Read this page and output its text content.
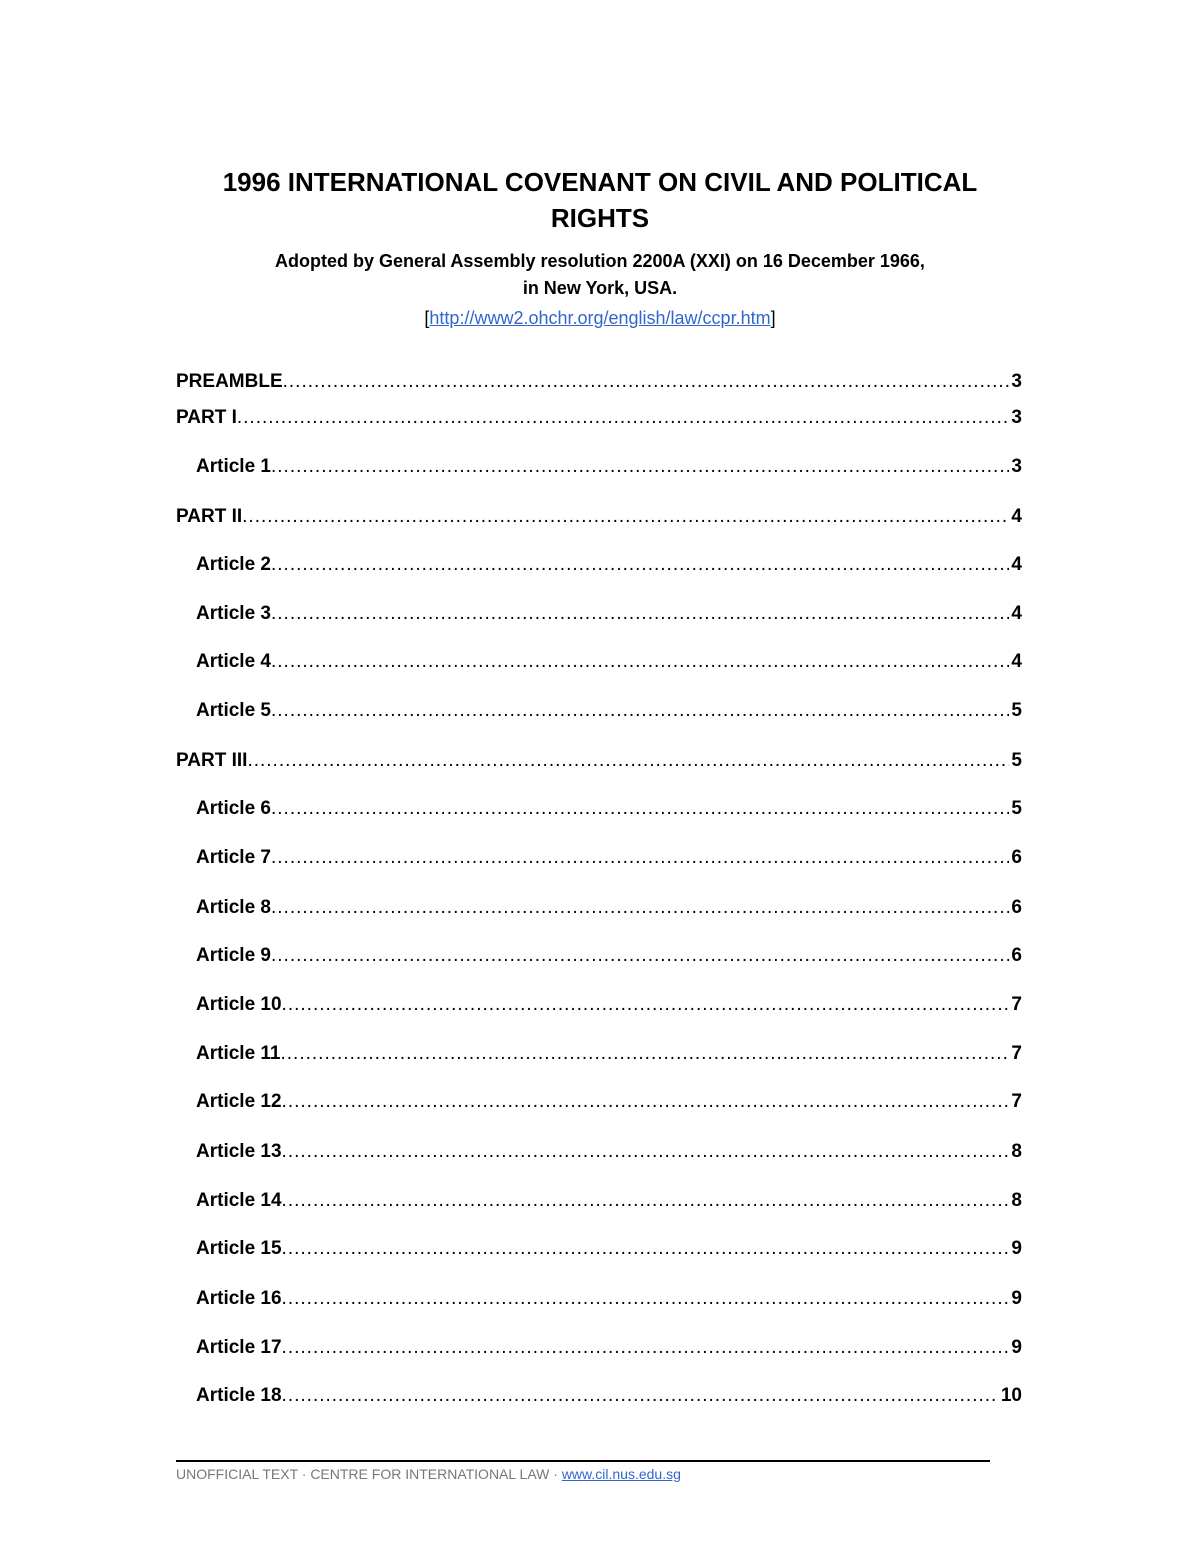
1996 INTERNATIONAL COVENANT ON CIVIL AND POLITICAL
RIGHTS

Adopted by General Assembly resolution 2200A (XXI) on 16 December 1966,
in New York, USA.

[http://www2.ohchr.org/english/law/ccpr.htm]
PREAMBLE .....	3
PART I .....	3
Article 1 .....	3
PART II .....	4
Article 2 .....	4
Article 3 .....	4
Article 4 .....	4
Article 5 .....	5
PART III .....	5
Article 6 .....	5
Article 7 .....	6
Article 8 .....	6
Article 9 .....	6
Article 10 .....	7
Article 11 .....	7
Article 12 .....	7
Article 13 .....	8
Article 14 .....	8
Article 15 .....	9
Article 16 .....	9
Article 17 .....	9
Article 18 .....	10
UNOFFICIAL TEXT · CENTRE FOR INTERNATIONAL LAW · www.cil.nus.edu.sg
